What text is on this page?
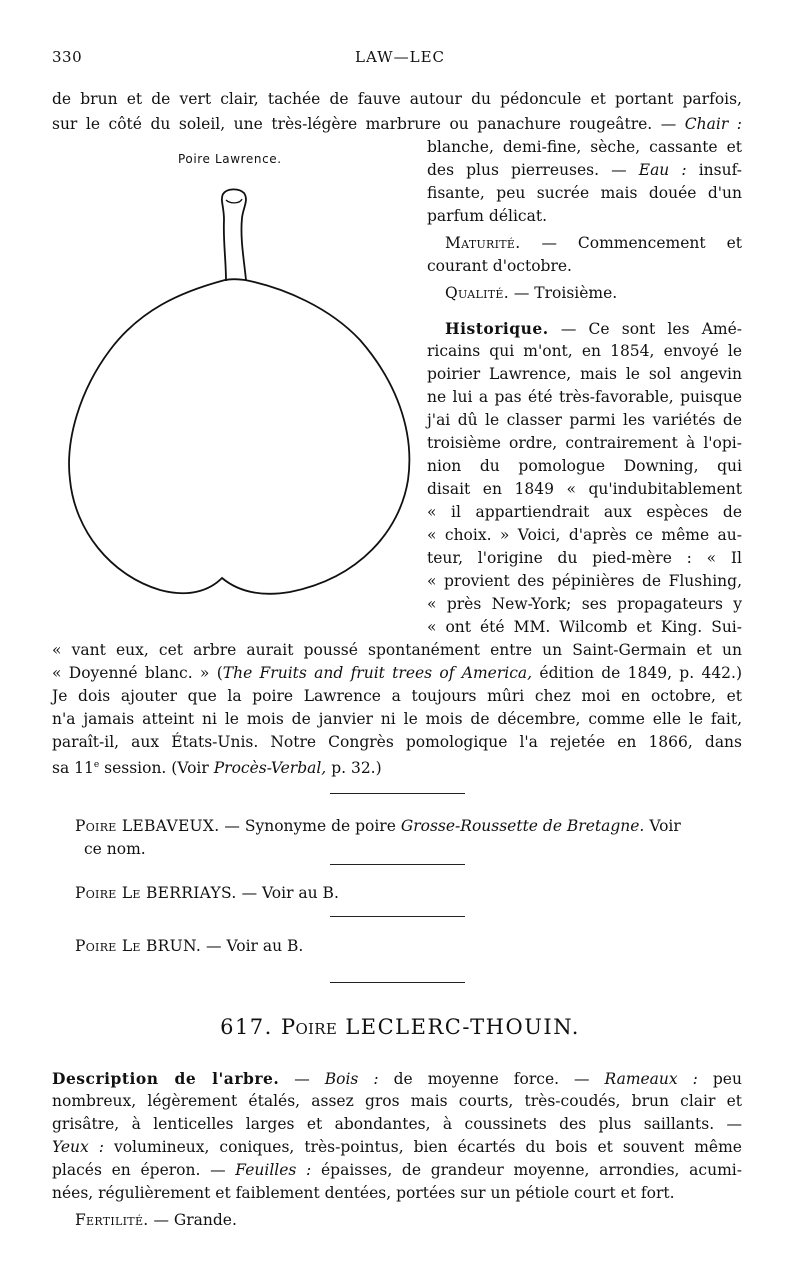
330	LAW—LEC
de brun et de vert clair, tachée de fauve autour du pédoncule et portant parfois,
sur le côté du soleil, une très-légère marbrure ou panachure rougeâtre. — Chair :
Poire Lawrence.
blanche, demi-fine, sèche, cassante et
des plus pierreuses. — Eau : insuf-
fisante, peu sucrée mais douée d'un
parfum délicat.
Maturité. — Commencement et
courant d'octobre.
Qualité. — Troisième.
Historique. — Ce sont les Amé-
ricains qui m'ont, en 1854, envoyé le
poirier Lawrence, mais le sol angevin
ne lui a pas été très-favorable, puisque
j'ai dû le classer parmi les variétés de
troisième ordre, contrairement à l'opi-
nion du pomologue Downing, qui
disait en 1849 « qu'indubitablement
« il appartiendrait aux espèces de
« choix. » Voici, d'après ce même au-
teur, l'origine du pied-mère : « Il
« provient des pépinières de Flushing,
« près New-York; ses propagateurs y
« ont été MM. Wilcomb et King. Sui-
« vant eux, cet arbre aurait poussé spontanément entre un Saint-Germain et un
« Doyenné blanc. » (The Fruits and fruit trees of America, édition de 1849, p. 442.)
Je dois ajouter que la poire Lawrence a toujours mûri chez moi en octobre, et
n'a jamais atteint ni le mois de janvier ni le mois de décembre, comme elle le fait,
paraît-il, aux États-Unis. Notre Congrès pomologique l'a rejetée en 1866, dans
sa 11e session. (Voir Procès-Verbal, p. 32.)
Poire LEBAVEUX. — Synonyme de poire Grosse-Roussette de Bretagne. Voir
ce nom.
Poire Le BERRIAYS. — Voir au B.
Poire Le BRUN. — Voir au B.
617. Poire LECLERC-THOUIN.
Description de l'arbre. — Bois : de moyenne force. — Rameaux : peu
nombreux, légèrement étalés, assez gros mais courts, très-coudés, brun clair et
grisâtre, à lenticelles larges et abondantes, à coussinets des plus saillants. —
Yeux : volumineux, coniques, très-pointus, bien écartés du bois et souvent même
placés en éperon. — Feuilles : épaisses, de grandeur moyenne, arrondies, acumi-
nées, régulièrement et faiblement dentées, portées sur un pétiole court et fort.
Fertilité. — Grande.
